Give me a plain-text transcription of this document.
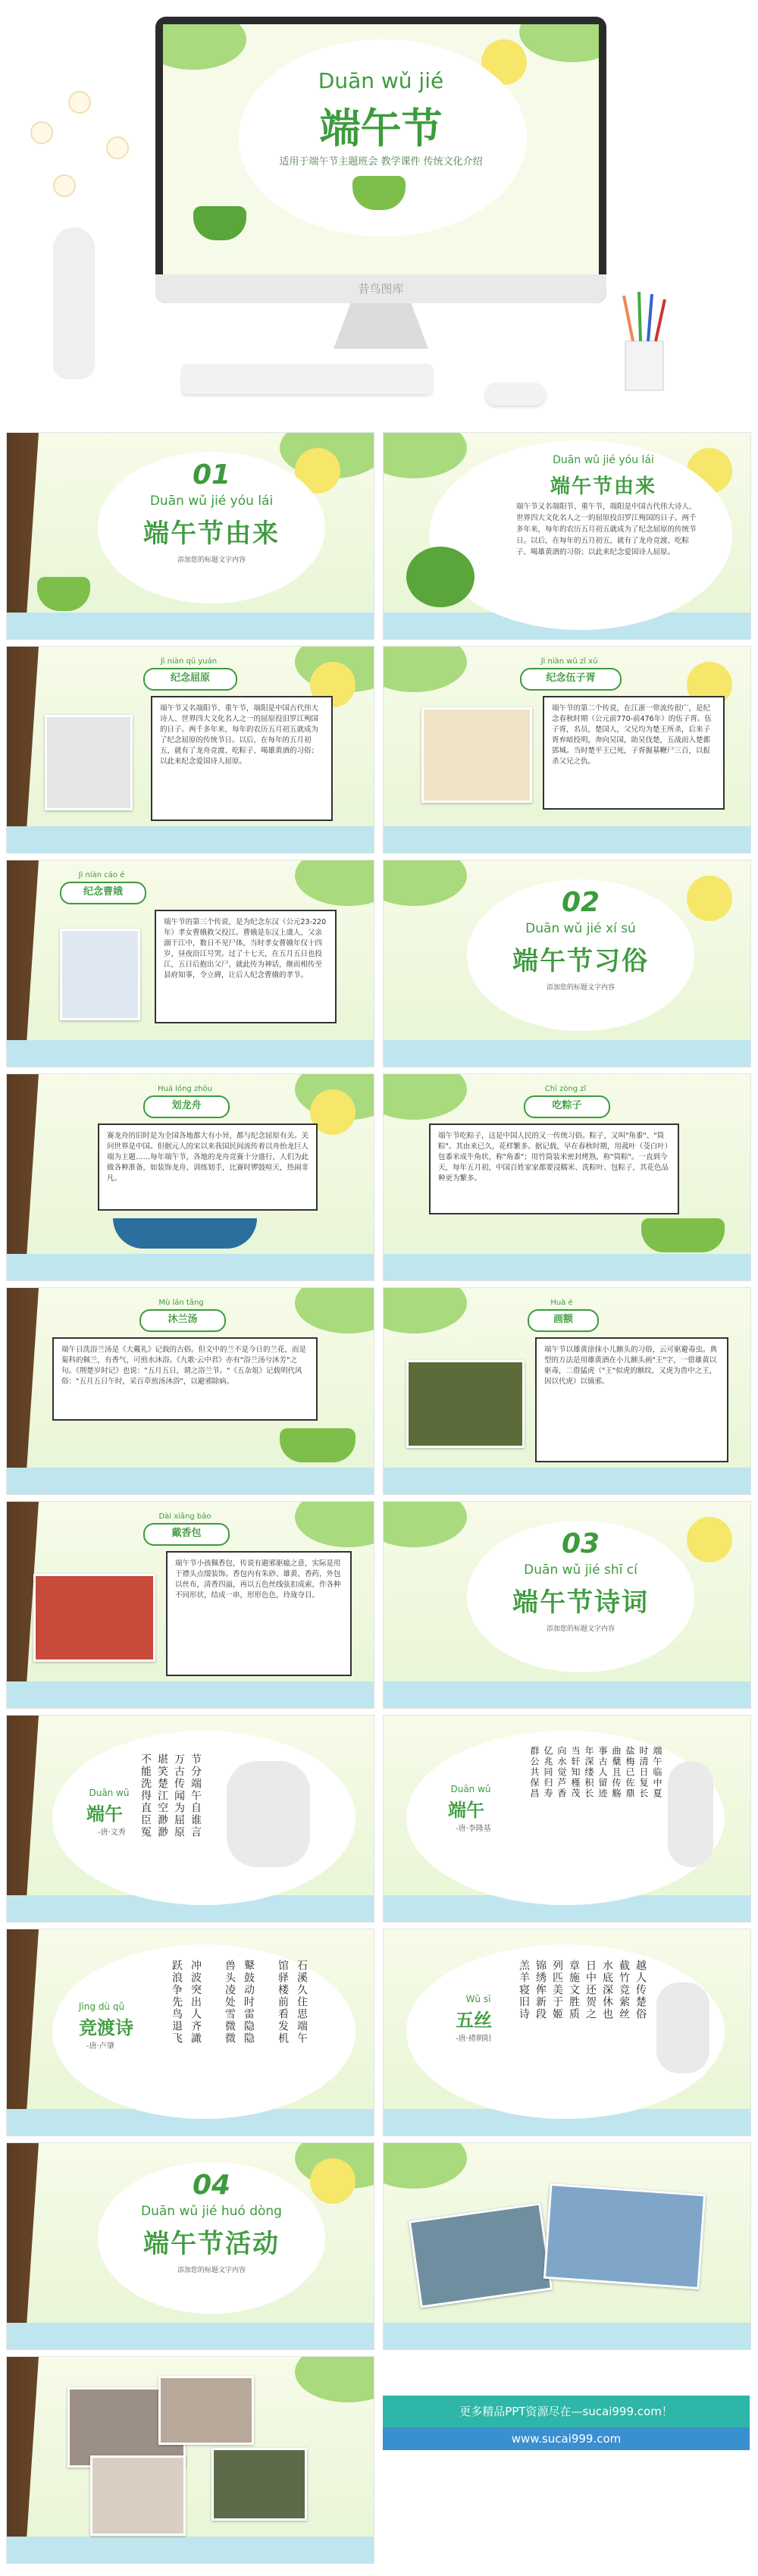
Duān wǔ jié
端午节
适用于端午节主题班会 教学课件 传统文化介绍
昔鸟图库
01
Duān wǔ jié yóu lái
端午节由来
添加您的标题文字内容
Duān wǔ jié yóu lái
端午节由来
端午节又名端阳节、重午节，端阳是中国古代伟大诗人、世界四大文化名人之一的屈原投汨罗江殉国的日子。两千多年来，每年的农历五月初五就成为了纪念屈原的传统节日。以后，在每年的五月初五，就有了龙舟竞渡、吃粽子、喝雄黄酒的习俗；以此来纪念爱国诗人屈原。
Jì niàn qū yuán
纪念屈原
端午节又名端阳节、重午节，端阳是中国古代伟大诗人、世界四大文化名人之一的屈原投汨罗江殉国的日子。两千多年来，每年的农历五月初五就成为了纪念屈原的传统节日。以后，在每年的五月初五，就有了龙舟竞渡、吃粽子、喝雄黄酒的习俗；以此来纪念爱国诗人屈原。
Jì niàn wǔ zǐ xū
纪念伍子胥
端午节的第二个传说，在江浙一带流传很广，是纪念春秋时期（公元前770-前476年）的伍子胥。伍子胥，名员，楚国人，父兄均为楚王所杀，后来子胥弃暗投明，奔向吴国，助吴伐楚，五战而入楚都郢城。当时楚平王已死，子胥掘墓鞭尸三百，以报杀父兄之仇。
Jì niàn cáo é
纪念曹娥
端午节的第三个传说，是为纪念东汉（公元23-220年）孝女曹娥救父投江。曹娥是东汉上虞人，父亲溺于江中，数日不见尸体，当时孝女曹娥年仅十四岁，昼夜沿江号哭。过了十七天，在五月五日也投江，五日后抱出父尸，就此传为神话，继而相传至县府知事，令立碑，让后人纪念曹娥的孝节。
02
Duān wǔ jié xí sú
端午节习俗
添加您的标题文字内容
Huá lóng zhōu
划龙舟
赛龙舟的旧时是为全国各地都大有小异，都与纪念屈原有关。关问世界是中国。但据元人的宋以来我国民间流传着以舟抬龙巨人端为主题……每年端午节，各地的龙舟竞赛十分盛行，人们为此做各种准备，如装饰龙舟、训练划手，比赛时锣鼓喧天，热闹非凡。
Chī zòng zǐ
吃粽子
端午节吃粽子，这是中国人民的又一传统习俗。粽子，又叫"角黍"、"筒粽"。其由来已久，花样繁多。据记载，早在春秋时期，用菰叶（茭白叶）包黍米成牛角状，称"角黍"；用竹筒装米密封烤熟，称"筒粽"。一直到今天，每年五月初，中国百姓家家都要浸糯米、洗粽叶、包粽子，其花色品种更为繁多。
Mù lán tāng
沐兰汤
端午日洗浴兰汤是《大戴礼》记载的古俗。但文中的兰不是今日的兰花，而是菊科的佩兰，有香气，可煎水沐浴。《九歌·云中君》亦有"浴兰汤兮沐芳"之句。《荆楚岁时记》也说："五月五日，谓之浴兰节。"《五杂俎》记载明代风俗："五月五日午时，采百草煎汤沐浴"，以避邪除病。
Huà é
画额
端午节以雄黄涂抹小儿额头的习俗，云可驱避毒虫。典型的方法是用雄黄酒在小儿额头画"王"字，一借雄黄以驱毒，二借猛虎（"王"似虎的额纹，又虎为兽中之王，因以代虎）以镇邪。
Dài xiāng bāo
戴香包
端午节小孩佩香包，传说有避邪驱瘟之意，实际是用于襟头点缀装饰。香包内有朱砂、雄黄、香药，外包以丝布，清香四溢，再以五色丝线弦扣成索，作各种不同形状，结成一串，形形色色，玲珑夺目。
03
Duān wǔ jié shī cí
端午节诗词
添加您的标题文字内容
Duān wǔ
端午
-唐·文秀	节分端午自谁言
万古传闻为屈原
堪笑楚江空渺渺
不能洗得直臣冤	Duān wǔ
端午
-唐·李隆基
端午临中夏
时清日复长
盐梅已佐鼎
曲糵且传觞
事古人留迹
年深缕积长
当轩知槿茂
向水觉芦香
亿兆同归寿
群公共保昌
Jìng dù qǔ
竞渡诗
-唐·卢肇
石溪久住思端午
馆驿楼前看发机
鼙鼓动时雷隐隐
兽头凌处雪微微
冲波突出人齐譀
跃浪争先鸟退飞	Wǔ sī
五丝
-唐·褚朝阳
越人传楚俗
截竹竞萦丝
水底深休也
日中还贺之
章施文胜质
列匹美于姬
锦绣侔新段
羔羊寝旧诗
04
Duān wǔ jié huó dòng
端午节活动
添加您的标题文字内容
更多精品PPT资源尽在—sucai999.com！
www.sucai999.com
